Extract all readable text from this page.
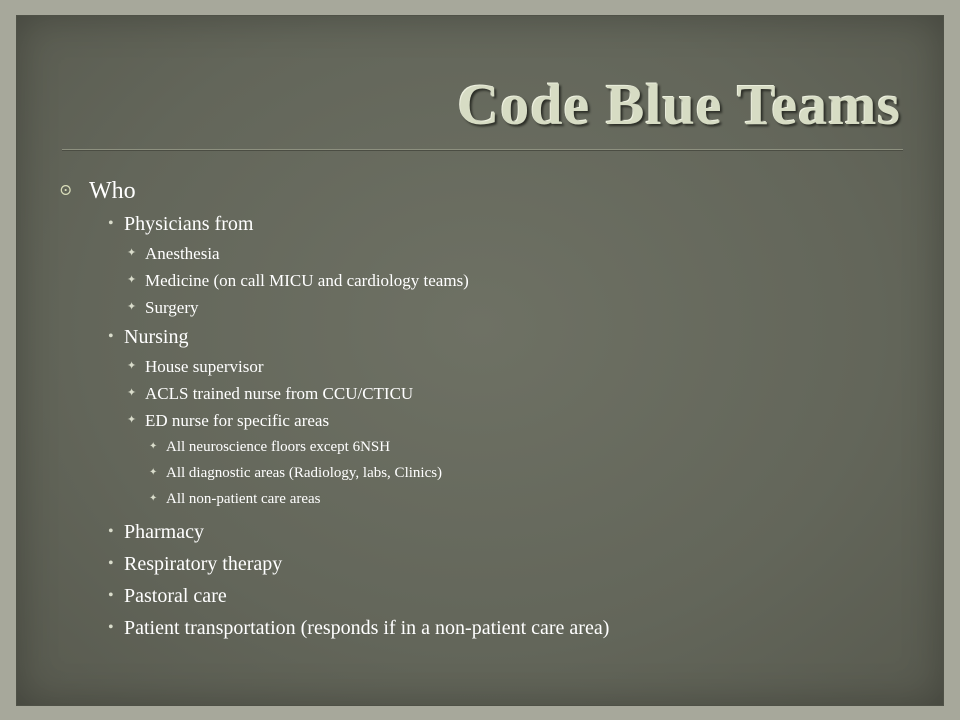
Code Blue Teams
⊙ Who
• Physicians from
✦ Anesthesia
✦ Medicine (on call MICU and cardiology teams)
✦ Surgery
• Nursing
✦ House supervisor
✦ ACLS trained nurse from CCU/CTICU
✦ ED nurse for specific areas
✦ All neuroscience floors except 6NSH
✦ All diagnostic areas (Radiology, labs, Clinics)
✦ All non-patient care areas
• Pharmacy
• Respiratory therapy
• Pastoral care
• Patient transportation (responds if in a non-patient care area)
